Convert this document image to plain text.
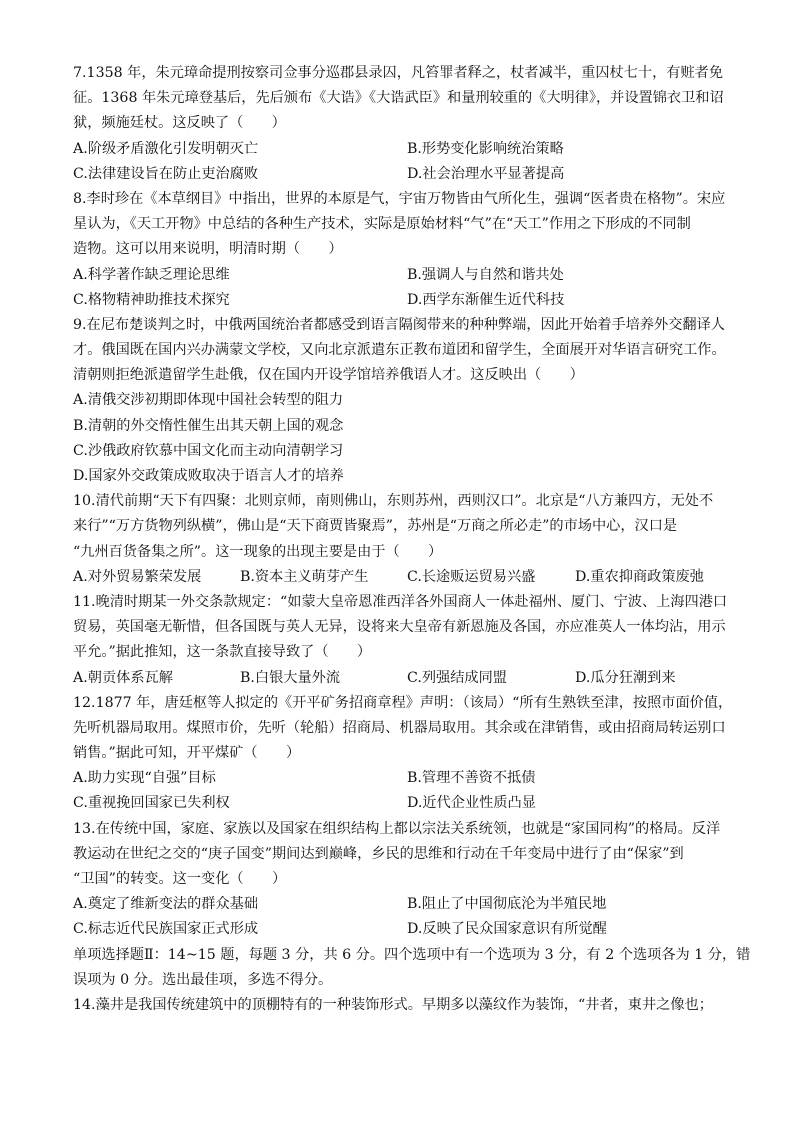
7.1358 年，朱元璋命提刑按察司佥事分巡郡县录囚，凡笞罪者释之，杖者减半，重囚杖七十，有赃者免
征。1368 年朱元璋登基后，先后颁布《大诰》《大诰武臣》和量刑较重的《大明律》，并设置锦衣卫和诏
狱，频施廷杖。这反映了（　　）
A.阶级矛盾激化引发明朝灭亡	B.形势变化影响统治策略
C.法律建设旨在防止吏治腐败	D.社会治理水平显著提高
8.李时珍在《本草纲目》中指出，世界的本原是气，宇宙万物皆由气所化生，强调“医者贵在格物”。宋应
星认为，《天工开物》中总结的各种生产技术，实际是原始材料“气”在“天工”作用之下形成的不同制
造物。这可以用来说明，明清时期（　　）
A.科学著作缺乏理论思维	B.强调人与自然和谐共处
C.格物精神助推技术探究	D.西学东渐催生近代科技
9.在尼布楚谈判之时，中俄两国统治者都感受到语言隔阂带来的种种弊端，因此开始着手培养外交翻译人
才。俄国既在国内兴办满蒙文学校，又向北京派遣东正教布道团和留学生，全面展开对华语言研究工作。
清朝则拒绝派遣留学生赴俄，仅在国内开设学馆培养俄语人才。这反映出（　　）
A.清俄交涉初期即体现中国社会转型的阻力
B.清朝的外交惰性催生出其天朝上国的观念
C.沙俄政府钦慕中国文化而主动向清朝学习
D.国家外交政策成败取决于语言人才的培养
10.清代前期“天下有四聚：北则京师，南则佛山，东则苏州，西则汉口”。北京是“八方兼四方，无处不
来行”“万方货物列纵横”，佛山是“天下商贾皆聚焉”，苏州是“万商之所必走”的市场中心，汉口是
“九州百货备集之所”。这一现象的出现主要是由于（　　）
A.对外贸易繁荣发展	B.资本主义萌芽产生	C.长途贩运贸易兴盛	D.重农抑商政策废弛
11.晚清时期某一外交条款规定：“如蒙大皇帝恩准西洋各外国商人一体赴福州、厦门、宁波、上海四港口
贸易，英国毫无靳惜，但各国既与英人无异，设将来大皇帝有新恩施及各国，亦应准英人一体均沾，用示
平允。”据此推知，这一条款直接导致了（　　）
A.朝贡体系瓦解	B.白银大量外流	C.列强结成同盟	D.瓜分狂潮到来
12.1877 年，唐廷枢等人拟定的《开平矿务招商章程》声明：（该局）“所有生熟铁至津，按照市面价值，
先听机器局取用。煤照市价，先听（轮船）招商局、机器局取用。其余或在津销售，或由招商局转运别口
销售。”据此可知，开平煤矿（　　）
A.助力实现“自强”目标	B.管理不善资不抵债
C.重视挽回国家已失利权	D.近代企业性质凸显
13.在传统中国，家庭、家族以及国家在组织结构上都以宗法关系统领，也就是“家国同构”的格局。反洋
教运动在世纪之交的“庚子国变”期间达到巅峰，乡民的思维和行动在千年变局中进行了由“保家”到
“卫国”的转变。这一变化（　　）
A.奠定了维新变法的群众基础	B.阻止了中国彻底沦为半殖民地
C.标志近代民族国家正式形成	D.反映了民众国家意识有所觉醒
单项选择题Ⅱ：14~15 题，每题 3 分，共 6 分。四个选项中有一个选项为 3 分，有 2 个选项各为 1 分，错
误项为 0 分。选出最佳项，多选不得分。
14.藻井是我国传统建筑中的顶棚特有的一种装饰形式。早期多以藻纹作为装饰，“井者，東井之像也；
